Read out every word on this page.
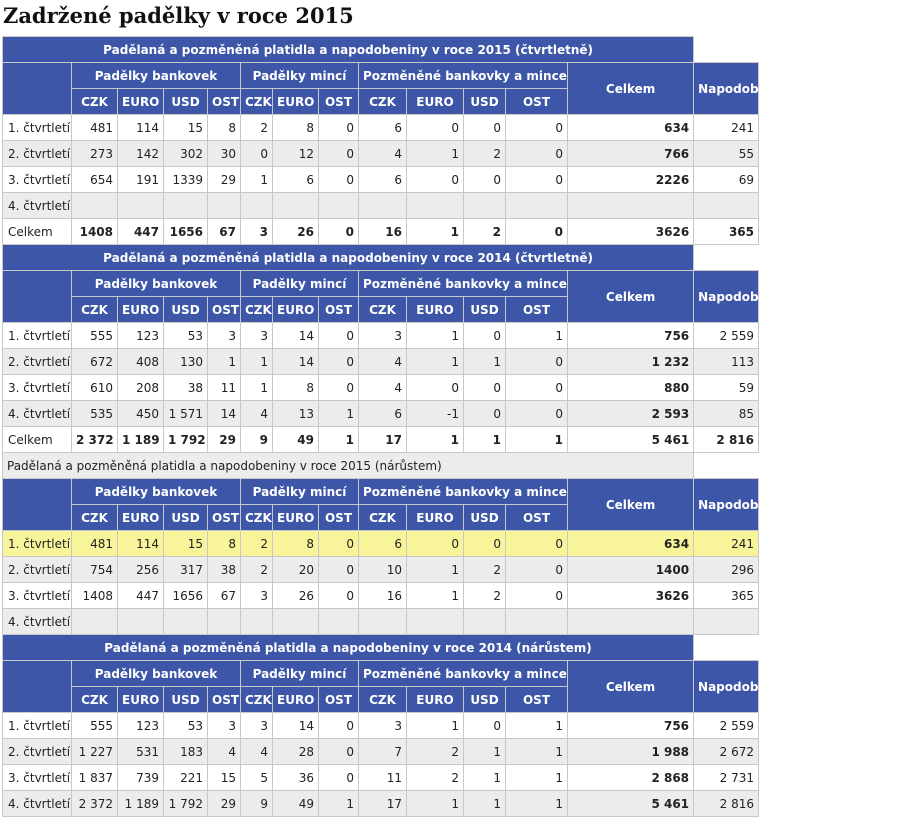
Zadržené padělky v roce 2015
Padělaná a pozměněná platidla a napodobeniny v roce 2015 (čtvrtletně)													
	Padělky bankovek				Padělky mincí			Pozměněné bankovky a mince				Celkem	Napodobeniny bankovek a mincí
	CZK	EURO	USD	OST	CZK	EURO	OST	CZK	EURO	USD	OST		
1. čtvrtletí	481	114	15	8	2	8	0	6	0	0	0	634	241
2. čtvrtletí	273	142	302	30	0	12	0	4	1	2	0	766	55
3. čtvrtletí	654	191	1339	29	1	6	0	6	0	0	0	2226	69
4. čtvrtletí													
Celkem	1408	447	1656	67	3	26	0	16	1	2	0	3626	365
Padělaná a pozměněná platidla a napodobeniny v roce 2014 (čtvrtletně)													
	Padělky bankovek				Padělky mincí			Pozměněné bankovky a mince				Celkem	Napodobeniny bankovek a mincí
	CZK	EURO	USD	OST	CZK	EURO	OST	CZK	EURO	USD	OST		
1. čtvrtletí	555	123	53	3	3	14	0	3	1	0	1	756	2 559
2. čtvrtletí	672	408	130	1	1	14	0	4	1	1	0	1 232	113
3. čtvrtletí	610	208	38	11	1	8	0	4	0	0	0	880	59
4. čtvrtletí	535	450	1 571	14	4	13	1	6	-1	0	0	2 593	85
Celkem	2 372	1 189	1 792	29	9	49	1	17	1	1	1	5 461	2 816
Padělaná a pozměněná platidla a napodobeniny v roce 2015 (nárůstem)													
	Padělky bankovek				Padělky mincí			Pozměněné bankovky a mince				Celkem	Napodobeniny bankovek a mincí
	CZK	EURO	USD	OST	CZK	EURO	OST	CZK	EURO	USD	OST		
1. čtvrtletí	481	114	15	8	2	8	0	6	0	0	0	634	241
2. čtvrtletí	754	256	317	38	2	20	0	10	1	2	0	1400	296
3. čtvrtletí	1408	447	1656	67	3	26	0	16	1	2	0	3626	365
4. čtvrtletí													
Padělaná a pozměněná platidla a napodobeniny v roce 2014 (nárůstem)													
	Padělky bankovek				Padělky mincí			Pozměněné bankovky a mince				Celkem	Napodobeniny bankovek a mincí
	CZK	EURO	USD	OST	CZK	EURO	OST	CZK	EURO	USD	OST		
1. čtvrtletí	555	123	53	3	3	14	0	3	1	0	1	756	2 559
2. čtvrtletí	1 227	531	183	4	4	28	0	7	2	1	1	1 988	2 672
3. čtvrtletí	1 837	739	221	15	5	36	0	11	2	1	1	2 868	2 731
4. čtvrtletí	2 372	1 189	1 792	29	9	49	1	17	1	1	1	5 461	2 816
